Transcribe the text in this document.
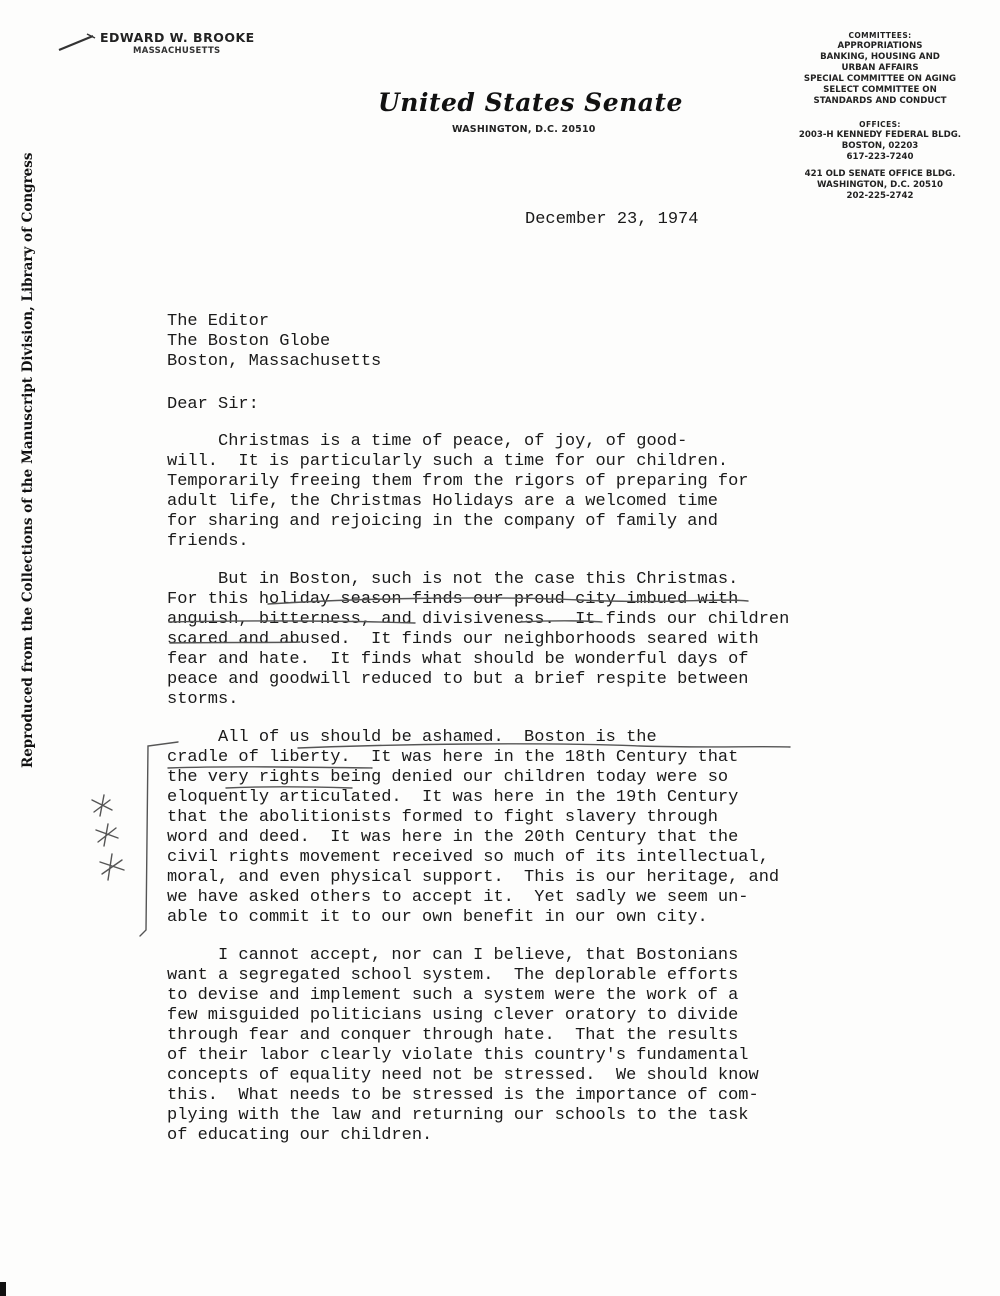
EDWARD W. BROOKE
MASSACHUSETTS
United States Senate
WASHINGTON, D.C. 20510
COMMITTEES:
APPROPRIATIONS
BANKING, HOUSING AND
URBAN AFFAIRS
SPECIAL COMMITTEE ON AGING
SELECT COMMITTEE ON
STANDARDS AND CONDUCT
OFFICES:
2003-H KENNEDY FEDERAL BLDG.
BOSTON, 02203
617-223-7240
421 OLD SENATE OFFICE BLDG.
WASHINGTON, D.C. 20510
202-225-2742
Reproduced from the Collections of the Manuscript Division, Library of Congress	December 23, 1974
The Editor
The Boston Globe
Boston, Massachusetts
Dear Sir:
Christmas is a time of peace, of joy, of good-
will.  It is particularly such a time for our children.
Temporarily freeing them from the rigors of preparing for
adult life, the Christmas Holidays are a welcomed time
for sharing and rejoicing in the company of family and
friends.
But in Boston, such is not the case this Christmas.
For this holiday season finds our proud city imbued with
anguish, bitterness, and divisiveness.  It finds our children
scared and abused.  It finds our neighborhoods seared with
fear and hate.  It finds what should be wonderful days of
peace and goodwill reduced to but a brief respite between
storms.
All of us should be ashamed.  Boston is the
cradle of liberty.  It was here in the 18th Century that
the very rights being denied our children today were so
eloquently articulated.  It was here in the 19th Century
that the abolitionists formed to fight slavery through
word and deed.  It was here in the 20th Century that the
civil rights movement received so much of its intellectual,
moral, and even physical support.  This is our heritage, and
we have asked others to accept it.  Yet sadly we seem un-
able to commit it to our own benefit in our own city.
I cannot accept, nor can I believe, that Bostonians
want a segregated school system.  The deplorable efforts
to devise and implement such a system were the work of a
few misguided politicians using clever oratory to divide
through fear and conquer through hate.  That the results
of their labor clearly violate this country's fundamental
concepts of equality need not be stressed.  We should know
this.  What needs to be stressed is the importance of com-
plying with the law and returning our schools to the task
of educating our children.
